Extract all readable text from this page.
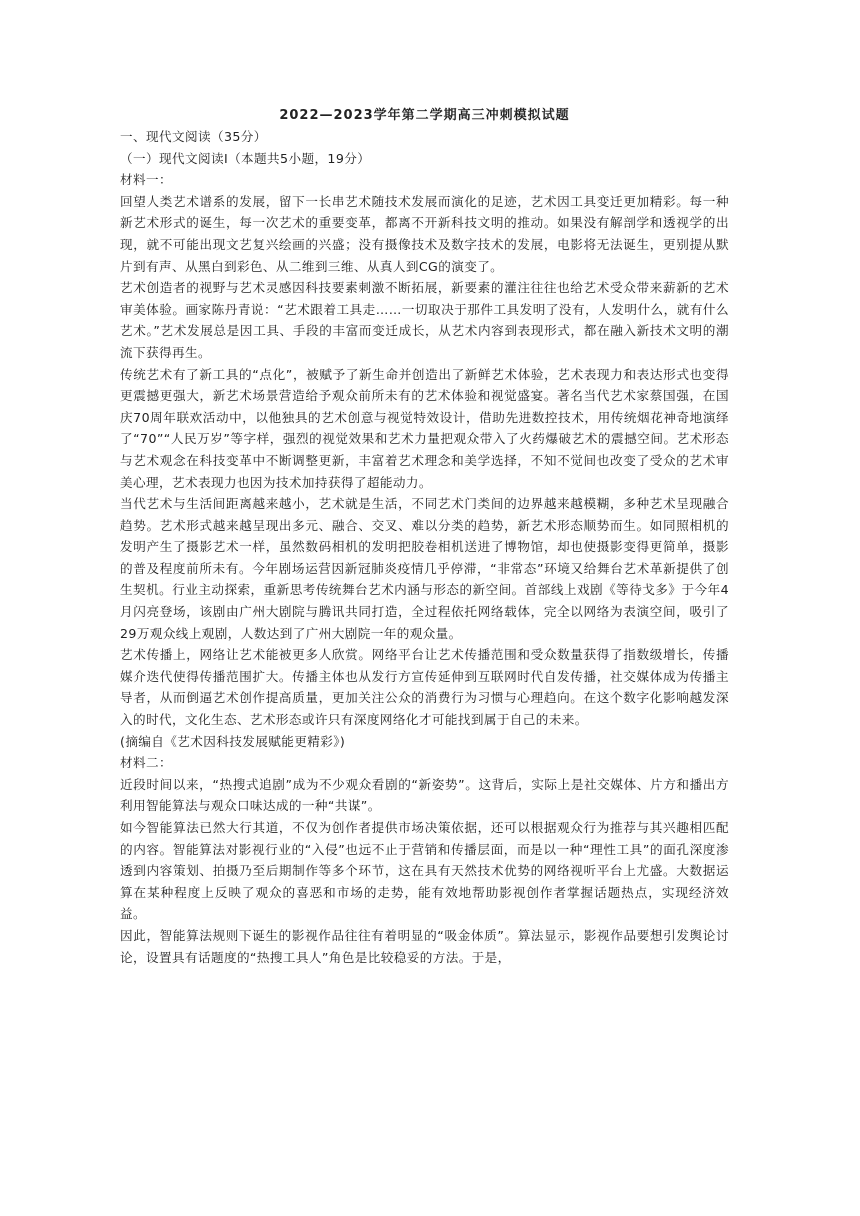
2022—2023学年第二学期高三冲刺模拟试题
一、现代文阅读（35分）
（一）现代文阅读Ⅰ（本题共5小题，19分）
材料一：

回望人类艺术谱系的发展，留下一长串艺术随技术发展而演化的足迹，艺术因工具变迁更加精彩。每一种新艺术形式的诞生，每一次艺术的重要变革，都离不开新科技文明的推动。如果没有解剖学和透视学的出现，就不可能出现文艺复兴绘画的兴盛；没有摄像技术及数字技术的发展，电影将无法诞生，更别提从默片到有声、从黑白到彩色、从二维到三维、从真人到CG的演变了。

艺术创造者的视野与艺术灵感因科技要素刺激不断拓展，新要素的灌注往往也给艺术受众带来薪新的艺术审美体验。画家陈丹青说：“艺术跟着工具走……一切取决于那件工具发明了没有，人发明什么，就有什么艺术。”艺术发展总是因工具、手段的丰富而变迁成长，从艺术内容到表现形式，都在融入新技术文明的潮流下获得再生。

传统艺术有了新工具的“点化”，被赋予了新生命并创造出了新鲜艺术体验，艺术表现力和表达形式也变得更震撼更强大，新艺术场景营造给予观众前所未有的艺术体验和视觉盛宴。著名当代艺术家蔡国强，在国庆70周年联欢活动中，以他独具的艺术创意与视觉特效设计，借助先进数控技术，用传统烟花神奇地演绎了“70”“人民万岁”等字样，强烈的视觉效果和艺术力量把观众带入了火药爆破艺术的震撼空间。艺术形态与艺术观念在科技变革中不断调整更新，丰富着艺术理念和美学选择，不知不觉间也改变了受众的艺术审美心理，艺术表现力也因为技术加持获得了超能动力。

当代艺术与生活间距离越来越小，艺术就是生活，不同艺术门类间的边界越来越模糊，多种艺术呈现融合趋势。艺术形式越来越呈现出多元、融合、交叉、难以分类的趋势，新艺术形态顺势而生。如同照相机的发明产生了摄影艺术一样，虽然数码相机的发明把胶卷相机送进了博物馆，却也使摄影变得更简单，摄影的普及程度前所未有。今年剧场运营因新冠肺炎疫情几乎停滞，“非常态”环境又给舞台艺术革新提供了创生契机。行业主动探索，重新思考传统舞台艺术内涵与形态的新空间。首部线上戏剧《等待戈多》于今年4月闪亮登场，该剧由广州大剧院与腾讯共同打造，全过程依托网络载体，完全以网络为表演空间，吸引了29万观众线上观剧，人数达到了广州大剧院一年的观众量。

艺术传播上，网络让艺术能被更多人欣赏。网络平台让艺术传播范围和受众数量获得了指数级增长，传播媒介迭代使得传播范围扩大。传播主体也从发行方宣传延伸到互联网时代自发传播，社交媒体成为传播主导者，从而倒逼艺术创作提高质量，更加关注公众的消费行为习惯与心理趋向。在这个数字化影响越发深入的时代，文化生态、艺术形态或许只有深度网络化才可能找到属于自己的未来。

(摘编自《艺术因科技发展赋能更精彩》)
材料二：

近段时间以来，“热搜式追剧”成为不少观众看剧的“新姿势”。这背后，实际上是社交媒体、片方和播出方利用智能算法与观众口味达成的一种“共谋”。

如今智能算法已然大行其道，不仅为创作者提供市场决策依据，还可以根据观众行为推荐与其兴趣相匹配的内容。智能算法对影视行业的“入侵”也远不止于营销和传播层面，而是以一种“理性工具”的面孔深度渗透到内容策划、拍摄乃至后期制作等多个环节，这在具有天然技术优势的网络视听平台上尤盛。大数据运算在某种程度上反映了观众的喜恶和市场的走势，能有效地帮助影视创作者掌握话题热点，实现经济效益。

因此，智能算法规则下诞生的影视作品往往有着明显的“吸金体质”。算法显示，影视作品要想引发舆论讨论，设置具有话题度的“热搜工具人”角色是比较稳妥的方法。于是，
